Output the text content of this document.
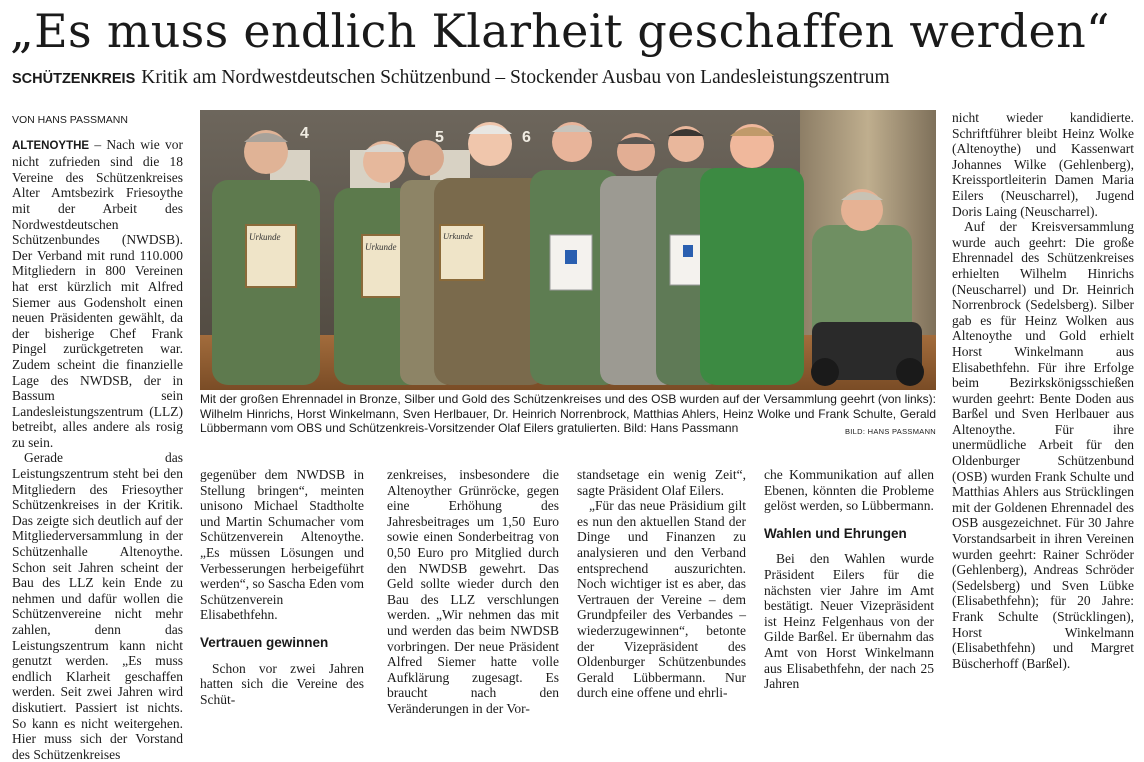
„Es muss endlich Klarheit geschaffen werden“
SCHÜTZENKREIS Kritik am Nordwestdeutschen Schützenbund – Stockender Ausbau von Landesleistungszentrum
VON HANS PASSMANN

ALTENOYTHE – Nach wie vor nicht zufrieden sind die 18 Vereine des Schützenkreises Alter Amtsbezirk Friesoythe mit der Arbeit des Nordwestdeutschen Schützenbundes (NWDSB). Der Verband mit rund 110.000 Mitgliedern in 800 Vereinen hat erst kürzlich mit Alfred Siemer aus Godensholt einen neuen Präsidenten gewählt, da der bisherige Chef Frank Pingel zurückgetreten war. Zudem scheint die finanzielle Lage des NWDSB, der in Bassum sein Landesleistungszentrum (LLZ) betreibt, alles andere als rosig zu sein.

Gerade das Leistungszentrum steht bei den Mitgliedern des Friesoyther Schützenkreises in der Kritik. Das zeigte sich deutlich auf der Mitgliederversammlung in der Schützenhalle Altenoythe. Schon seit Jahren scheint der Bau des LLZ kein Ende zu nehmen und dafür wollen die Schützenvereine nicht mehr zahlen, denn das Leistungszentrum kann nicht genutzt werden. „Es muss endlich Klarheit geschaffen werden. Seit zwei Jahren wird diskutiert. Passiert ist nichts. So kann es nicht weitergehen. Hier muss sich der Vorstand des Schützenkreises

4	5	6
Urkunde
Urkunde
Urkunde
Mit der großen Ehrennadel in Bronze, Silber und Gold des Schützenkreises und des OSB wurden auf der Versammlung geehrt (von links): Wilhelm Hinrichs, Horst Winkelmann, Sven Herlbauer, Dr. Heinrich Norrenbrock, Matthias Ahlers, Heinz Wolke und Frank Schulte, Gerald Lübbermann vom OBS und Schützenkreis-Vorsitzender Olaf Eilers gratulierten. Bild: Hans Passmann	BILD: HANS PASSMANN

gegenüber dem NWDSB in Stellung bringen“, meinten unisono Michael Stadtholte und Martin Schumacher vom Schützenverein Altenoythe. „Es müssen Lösungen und Verbesserungen herbeigeführt werden“, so Sascha Eden vom Schützenverein Elisabethfehn.

Vertrauen gewinnen

Schon vor zwei Jahren hatten sich die Vereine des Schüt-

zenkreises, insbesondere die Altenoyther Grünröcke, gegen eine Erhöhung des Jahresbeitrages um 1,50 Euro sowie einen Sonderbeitrag von 0,50 Euro pro Mitglied durch den NWDSB gewehrt. Das Geld sollte wieder durch den Bau des LLZ verschlungen werden. „Wir nehmen das mit und werden das beim NWDSB vorbringen. Der neue Präsident Alfred Siemer hatte volle Aufklärung zugesagt. Es braucht nach den Veränderungen in der Vor-

standsetage ein wenig Zeit“, sagte Präsident Olaf Eilers.

„Für das neue Präsidium gilt es nun den aktuellen Stand der Dinge und Finanzen zu analysieren und den Verband entsprechend auszurichten. Noch wichtiger ist es aber, das Vertrauen der Vereine – dem Grundpfeiler des Verbandes – wiederzugewinnen“, betonte der Vizepräsident des Oldenburger Schützenbundes Gerald Lübbermann. Nur durch eine offene und ehrli-

che Kommunikation auf allen Ebenen, könnten die Probleme gelöst werden, so Lübbermann.

Wahlen und Ehrungen

Bei den Wahlen wurde Präsident Eilers für die nächsten vier Jahre im Amt bestätigt. Neuer Vizepräsident ist Heinz Felgenhaus von der Gilde Barßel. Er übernahm das Amt von Horst Winkelmann aus Elisabethfehn, der nach 25 Jahren

nicht wieder kandidierte. Schriftführer bleibt Heinz Wolke (Altenoythe) und Kassenwart Johannes Wilke (Gehlenberg), Kreissportleiterin Damen Maria Eilers (Neuscharrel), Jugend Doris Laing (Neuscharrel).

Auf der Kreisversammlung wurde auch geehrt: Die große Ehrennadel des Schützenkreises erhielten Wilhelm Hinrichs (Neuscharrel) und Dr. Heinrich Norrenbrock (Sedelsberg). Silber gab es für Heinz Wolken aus Altenoythe und Gold erhielt Horst Winkelmann aus Elisabethfehn. Für ihre Erfolge beim Bezirkskönigsschießen wurden geehrt: Bente Doden aus Barßel und Sven Herlbauer aus Altenoythe. Für ihre unermüdliche Arbeit für den Oldenburger Schützenbund (OSB) wurden Frank Schulte und Matthias Ahlers aus Strücklingen mit der Goldenen Ehrennadel des OSB ausgezeichnet. Für 30 Jahre Vorstandsarbeit in ihren Vereinen wurden geehrt: Rainer Schröder (Gehlenberg), Andreas Schröder (Sedelsberg) und Sven Lübke (Elisabethfehn); für 20 Jahre: Frank Schulte (Strücklingen), Horst Winkelmann (Elisabethfehn) und Margret Büscherhoff (Barßel).
